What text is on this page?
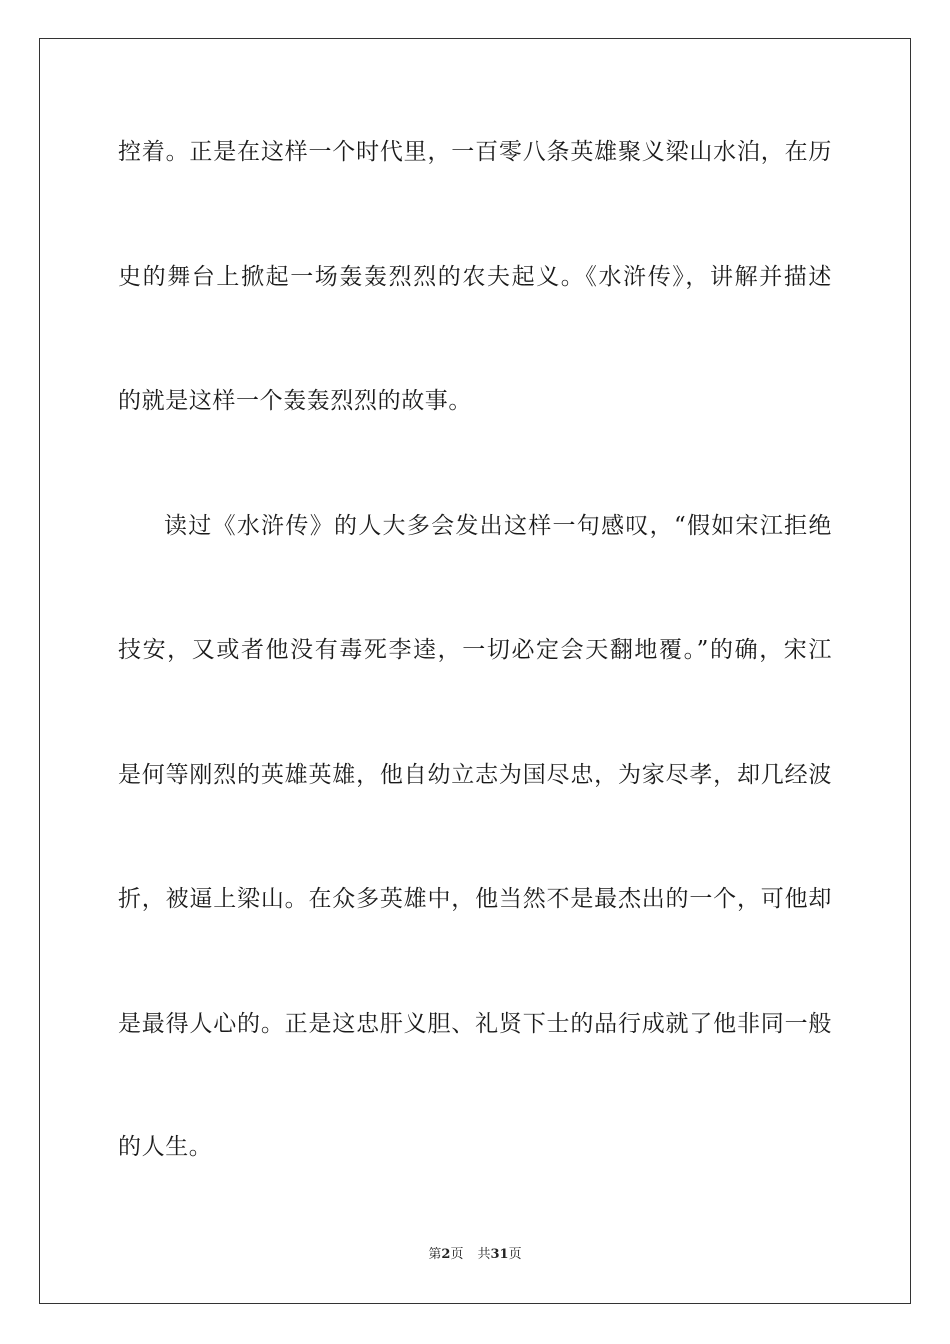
控着。正是在这样一个时代里，一百零八条英雄聚义梁山水泊，在历
史的舞台上掀起一场轰轰烈烈的农夫起义。《水浒传》，讲解并描述
的就是这样一个轰轰烈烈的故事。
读过《水浒传》的人大多会发出这样一句感叹，“假如宋江拒绝
技安，又或者他没有毒死李逵，一切必定会天翻地覆。”的确，宋江
是何等刚烈的英雄英雄，他自幼立志为国尽忠，为家尽孝，却几经波
折，被逼上梁山。在众多英雄中，他当然不是最杰出的一个，可他却
是最得人心的。正是这忠肝义胆、礼贤下士的品行成就了他非同一般
的人生。
第2页 共31页
